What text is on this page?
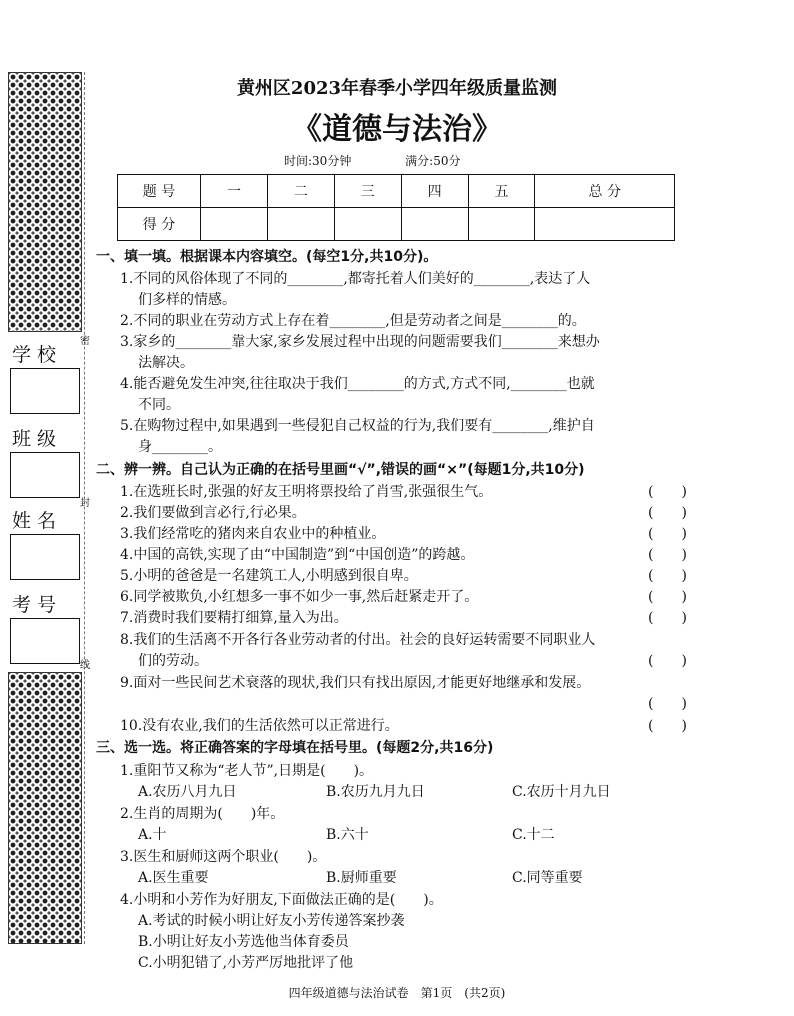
密
封
线
学 校
班 级
姓 名
考 号
黄州区2023年春季小学四年级质量监测
《道德与法治》
时间:30分钟	满分:50分
题 号	一	二	三	四	五	总 分
得 分						
一、填一填。根据课本内容填空。(每空1分,共10分)。
1.不同的风俗体现了不同的________,都寄托着人们美好的________,表达了人
们多样的情感。
2.不同的职业在劳动方式上存在着________,但是劳动者之间是________的。
3.家乡的________靠大家,家乡发展过程中出现的问题需要我们________来想办
法解决。
4.能否避免发生冲突,往往取决于我们________的方式,方式不同,________也就
不同。
5.在购物过程中,如果遇到一些侵犯自己权益的行为,我们要有________,维护自
身________。
二、辨一辨。自己认为正确的在括号里画“√”,错误的画“×”(每题1分,共10分)
1.在选班长时,张强的好友王明将票投给了肖雪,张强很生气。	(　　)
2.我们要做到言必行,行必果。	(　　)
3.我们经常吃的猪肉来自农业中的种植业。	(　　)
4.中国的高铁,实现了由“中国制造”到“中国创造”的跨越。	(　　)
5.小明的爸爸是一名建筑工人,小明感到很自卑。	(　　)
6.同学被欺负,小红想多一事不如少一事,然后赶紧走开了。	(　　)
7.消费时我们要精打细算,量入为出。	(　　)
8.我们的生活离不开各行各业劳动者的付出。社会的良好运转需要不同职业人
们的劳动。	(　　)
9.面对一些民间艺术衰落的现状,我们只有找出原因,才能更好地继承和发展。
(　　)
10.没有农业,我们的生活依然可以正常进行。	(　　)
三、选一选。将正确答案的字母填在括号里。(每题2分,共16分)
1.重阳节又称为“老人节”,日期是(　　)。
A.农历八月九日	B.农历九月九日	C.农历十月九日
2.生肖的周期为(　　)年。
A.十	B.六十	C.十二
3.医生和厨师这两个职业(　　)。
A.医生重要	B.厨师重要	C.同等重要
4.小明和小芳作为好朋友,下面做法正确的是(　　)。
A.考试的时候小明让好友小芳传递答案抄袭
B.小明让好友小芳选他当体育委员
C.小明犯错了,小芳严厉地批评了他
四年级道德与法治试卷　第1页　(共2页)
